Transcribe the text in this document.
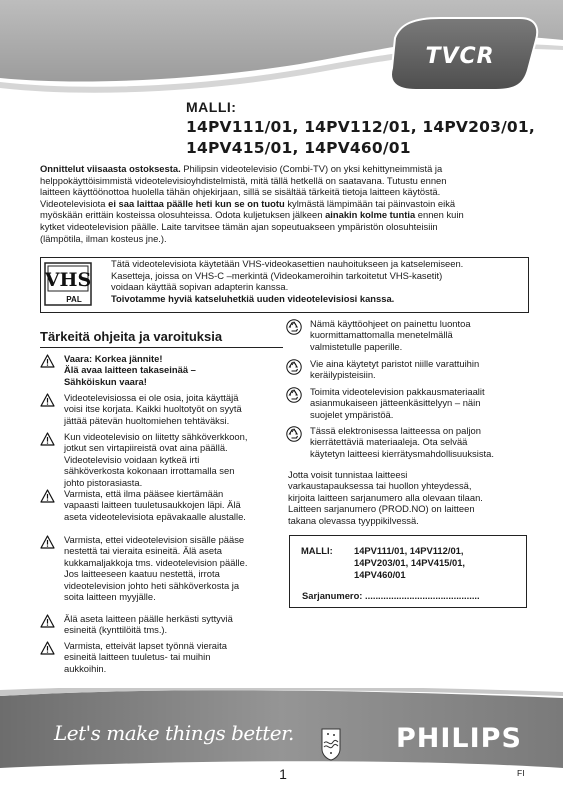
TVCR
MALLI:
14PV111/01, 14PV112/01, 14PV203/01,
14PV415/01, 14PV460/01

Onnittelut viisaasta ostoksesta. Philipsin videotelevisio (Combi-TV) on yksi kehittyneimmistä ja

helppokäyttöisimmistä videotelevisioyhdistelmistä, mitä tällä hetkellä on saatavana. Tutustu ennen

laitteen käyttöönottoa huolella tähän ohjekirjaan, sillä se sisältää tärkeitä tietoja laitteen käytöstä.

Videotelevisiota ei saa laittaa päälle heti kun se on tuotu kylmästä lämpimään tai päinvastoin eikä

myöskään erittäin kosteissa olosuhteissa. Odota kuljetuksen jälkeen ainakin kolme tuntia ennen kuin

kytket videotelevision päälle. Laite tarvitsee tämän ajan sopeutuakseen ympäristön olosuhteisiin

(lämpötila, ilman kosteus jne.).

VHS
PAL
Tätä videotelevisiota käytetään VHS-videokasettien nauhoitukseen ja katselemiseen.
Kasetteja, joissa on VHS-C –merkintä (Videokameroihin tarkoitetut VHS-kasetit)
voidaan käyttää sopivan adapterin kanssa.
Toivotamme hyviä katseluhetkiä uuden videotelevisiosi kanssa.
Tärkeitä ohjeita ja varoituksia
Vaara: Korkea jännite!
Älä avaa laitteen takaseinää –
Sähköiskun vaara!
Videotelevisiossa ei ole osia, joita käyttäjä
voisi itse korjata. Kaikki huoltotyöt on syytä
jättää pätevän huoltomiehen tehtäväksi.
Kun videotelevisio on liitetty sähköverkkoon,
jotkut sen virtapiireistä ovat aina päällä.
Videotelevisio voidaan kytkeä irti
sähköverkosta kokonaan irrottamalla sen
johto pistorasiasta.
Varmista, että ilma pääsee kiertämään
vapaasti laitteen tuuletusaukkojen läpi. Älä
aseta videotelevisiota epävakaalle alustalle.
Varmista, ettei videotelevision sisälle pääse
nestettä tai vieraita esineitä. Älä aseta
kukkamaljakkoja tms. videotelevision päälle.
Jos laitteeseen kaatuu nestettä, irrota
videotelevision johto heti sähköverkosta ja
soita laitteen myyjälle.
Älä aseta laitteen päälle herkästi syttyviä
esineitä (kynttilöitä tms.).
Varmista, etteivät lapset työnnä vieraita
esineitä laitteen tuuletus- tai muihin
aukkoihin.
Nämä käyttöohjeet on painettu luontoa
kuormittamattomalla menetelmällä
valmistetulle paperille.
Vie aina käytetyt paristot niille varattuihin
keräilypisteisiin.
Toimita videotelevision pakkausmateriaalit
asianmukaiseen jätteenkäsittelyyn – näin
suojelet ympäristöä.
Tässä elektronisessa laitteessa on paljon
kierrätettäviä materiaaleja. Ota selvää
käytetyn laitteesi kierrätysmahdollisuuksista.
Jotta voisit tunnistaa laitteesi
varkaustapauksessa tai huollon yhteydessä,
kirjoita laitteen sarjanumero alla olevaan tilaan.
Laitteen sarjanumero (PROD.NO) on laitteen
takana olevassa tyyppikilvessä.
MALLI: 14PV111/01, 14PV112/01,
14PV203/01, 14PV415/01,
14PV460/01
Sarjanumero: ............................................
Let's make things better.	PHILIPS
1	FI
